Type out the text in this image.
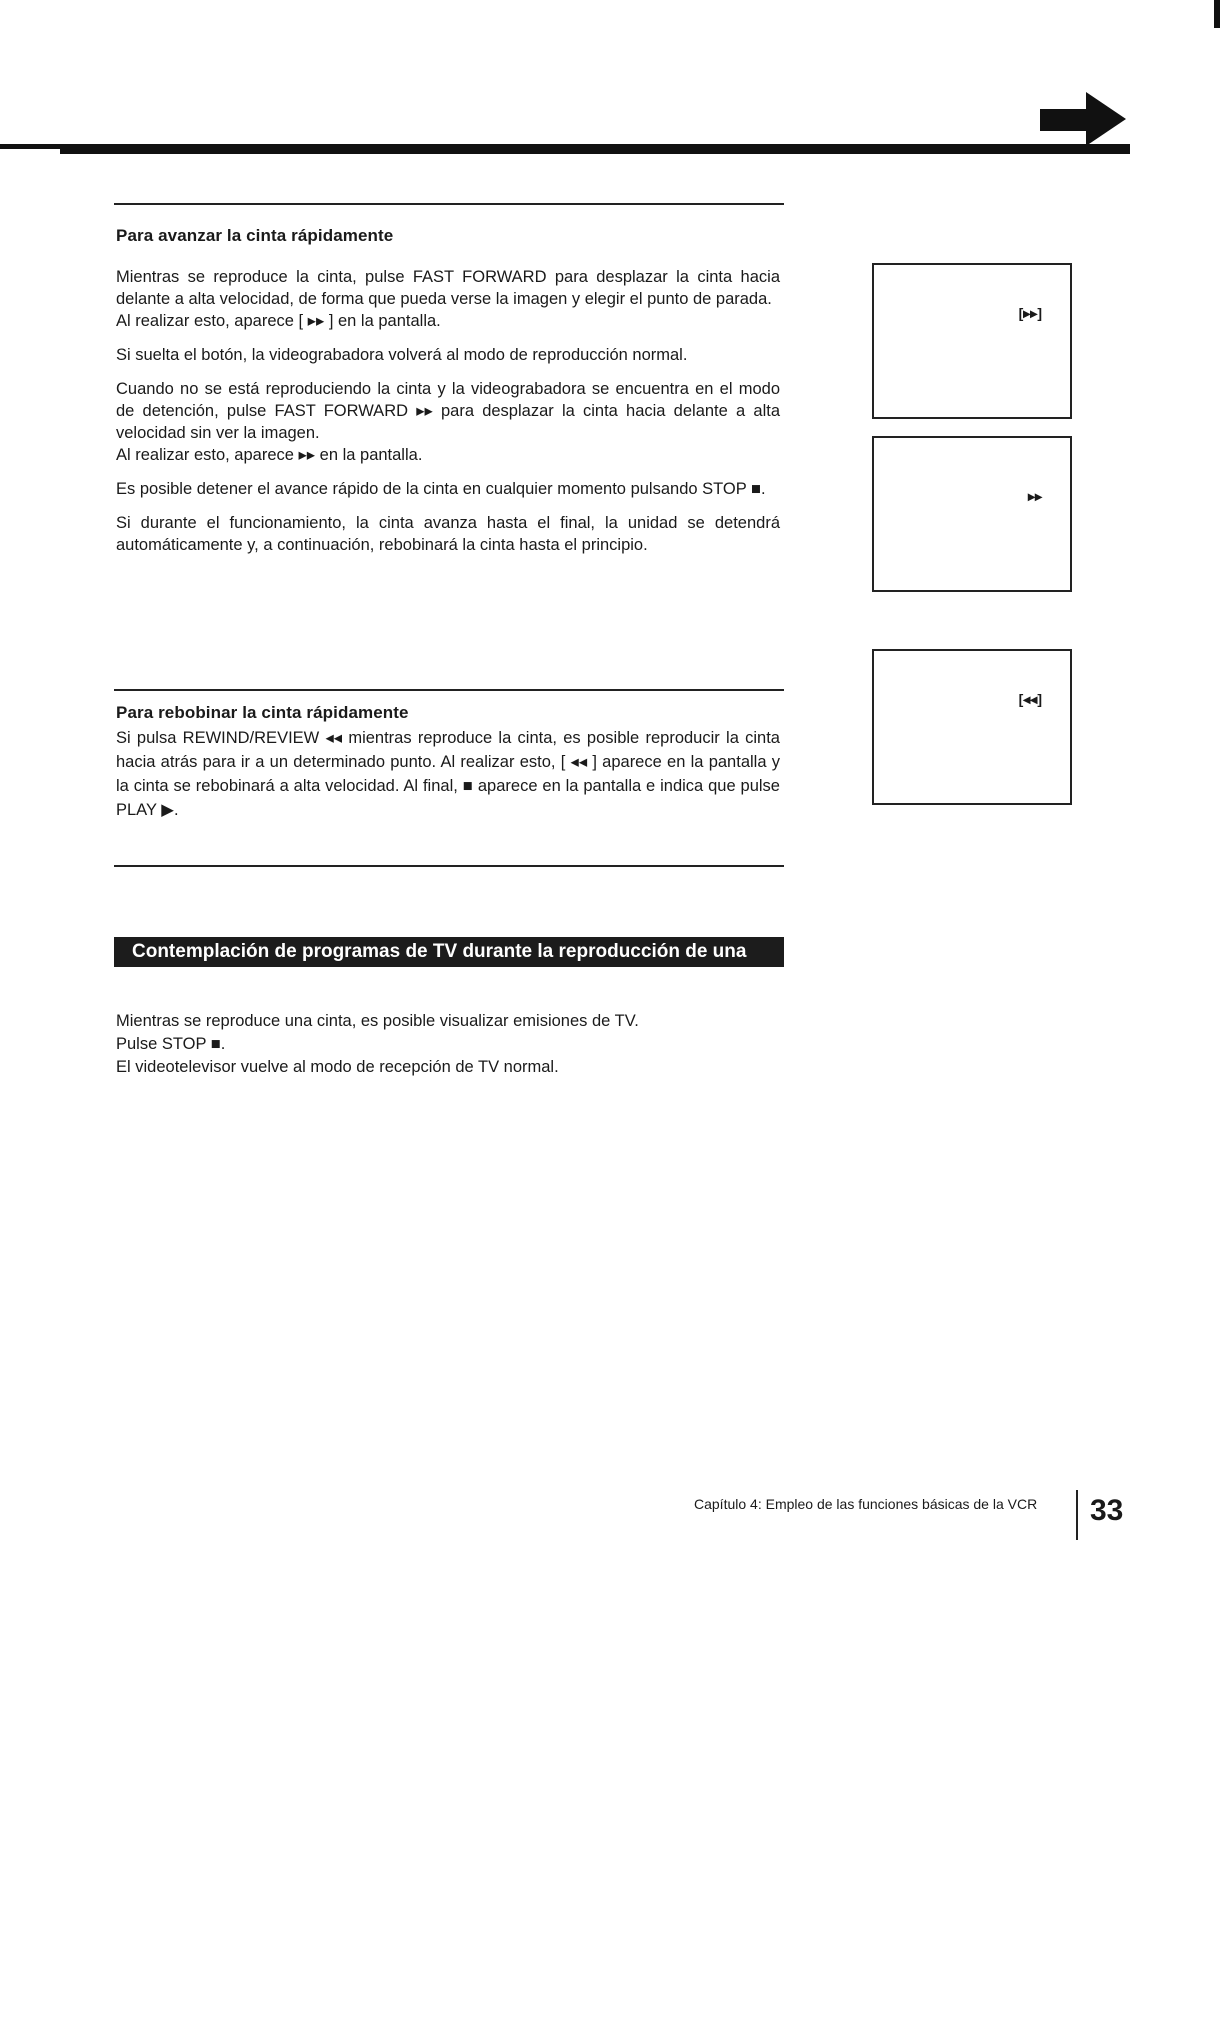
Para avanzar la cinta rápidamente

Mientras se reproduce la cinta, pulse FAST FORWARD para desplazar la cinta hacia delante a alta velocidad, de forma que pueda verse la imagen y elegir el punto de parada.

Al realizar esto, aparece [ ▸▸ ] en la pantalla.

Si suelta el botón, la videograbadora volverá al modo de reproducción normal.

Cuando no se está reproduciendo la cinta y la videograbadora se encuentra en el modo de detención, pulse FAST FORWARD ▸▸ para desplazar la cinta hacia delante a alta velocidad sin ver la imagen.

Al realizar esto, aparece ▸▸ en la pantalla.

Es posible detener el avance rápido de la cinta en cualquier momento pulsando STOP ■.

Si durante el funcionamiento, la cinta avanza hasta el final, la unidad se detendrá automáticamente y, a continuación, rebobinará la cinta hasta el principio.

[▸▸]
▸▸
[◂◂]
Para rebobinar la cinta rápidamente

Si pulsa REWIND/REVIEW ◂◂ mientras reproduce la cinta, es posible reproducir la cinta hacia atrás para ir a un determinado punto. Al realizar esto, [ ◂◂ ] aparece en la pantalla y la cinta se rebobinará a alta velocidad. Al final, ■ aparece en la pantalla e indica que pulse PLAY ▶.

Contemplación de programas de TV durante la reproducción de una cinta

Mientras se reproduce una cinta, es posible visualizar emisiones de TV.

Pulse STOP ■.

El videotelevisor vuelve al modo de recepción de TV normal.

Capítulo 4: Empleo de las funciones básicas de la VCR 33
